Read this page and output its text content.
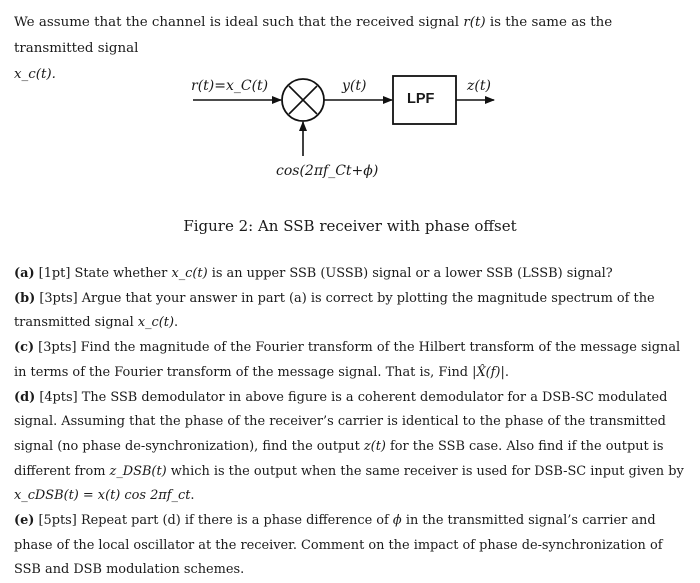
We assume that the channel is ideal such that the received signal r(t) is the same as the transmitted signal
x_c(t).

r(t)=x_C(t)	y(t)
LPF
z(t)
cos(2πf_Ct+ϕ)
Figure 2: An SSB receiver with phase offset
(a) [1pt] State whether x_c(t) is an upper SSB (USSB) signal or a lower SSB (LSSB) signal?
(b) [3pts] Argue that your answer in part (a) is correct by plotting the magnitude spectrum of the transmitted signal x_c(t).
(c) [3pts] Find the magnitude of the Fourier transform of the Hilbert transform of the message signal in terms of the Fourier transform of the message signal. That is, Find |X̂(f)|.
(d) [4pts] The SSB demodulator in above figure is a coherent demodulator for a DSB-SC modulated signal. Assuming that the phase of the receiver’s carrier is identical to the phase of the transmitted signal (no phase de-synchronization), find the output z(t) for the SSB case. Also find if the output is different from z_DSB(t) which is the output when the same receiver is used for DSB-SC input given by x_cDSB(t) = x(t) cos 2πf_ct.
(e) [5pts] Repeat part (d) if there is a phase difference of ϕ in the transmitted signal’s carrier and phase of the local oscillator at the receiver. Comment on the impact of phase de-synchronization of SSB and DSB modulation schemes.
